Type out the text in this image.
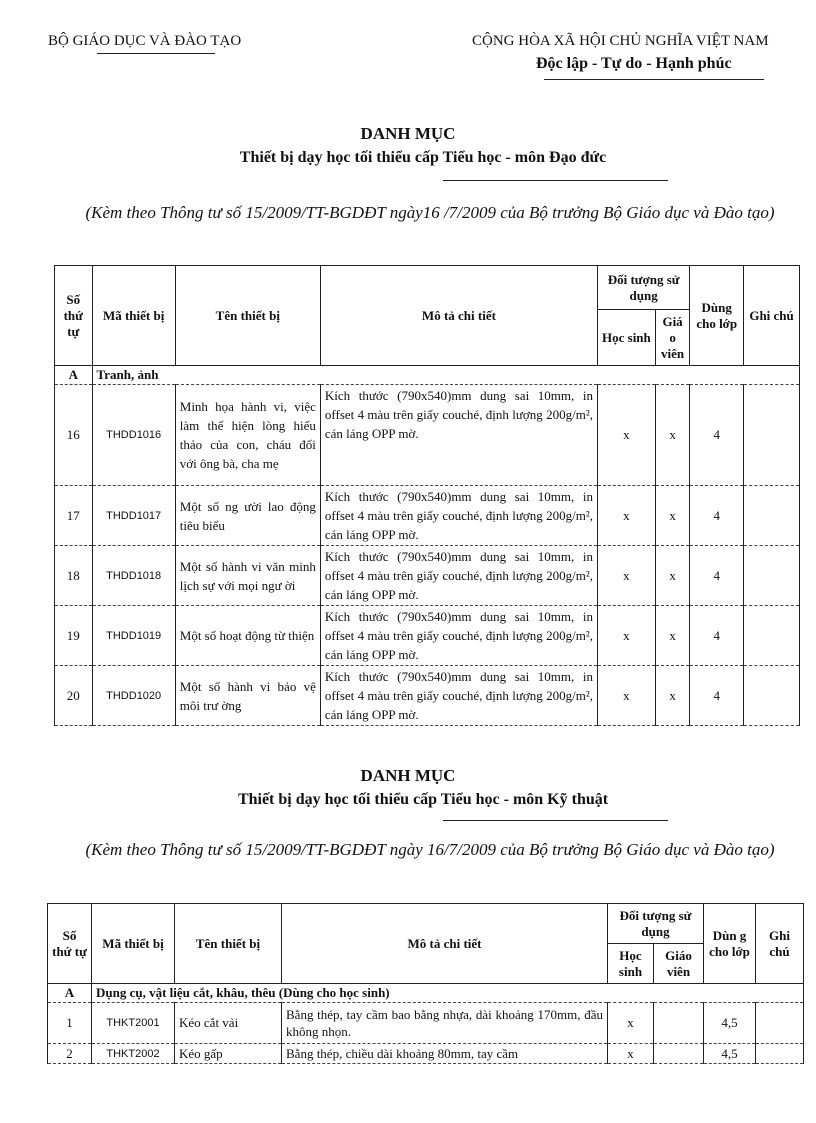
BỘ GIÁO DỤC VÀ ĐÀO TẠO	CỘNG HÒA XÃ HỘI CHỦ NGHĨA VIỆT NAM
Độc lập - Tự do - Hạnh phúc
DANH MỤC
Thiết bị dạy học tối thiểu cấp Tiểu học - môn Đạo đức
(Kèm theo Thông tư số 15/2009/TT-BGDĐT ngày16 /7/2009 của Bộ trưởng Bộ Giáo dục và Đào tạo)
Số thứ tự	Mã thiết bị	Tên thiết bị	Mô tả chi tiết	Đối tượng sử dụng		Dùng cho lớp	Ghi chú
				Học sinh	Giá o viên		
A	Tranh, ảnh						
16	THDD1016	Minh họa hành vi, việc làm thể hiện lòng hiếu thảo của con, cháu đối với ông bà, cha mẹ	Kích thước (790x540)mm dung sai 10mm, in offset 4 màu trên giấy couché, định lượng 200g/m², cán láng OPP mờ.	x	x	4	
17	THDD1017	Một số ng ười lao động tiêu biểu	Kích thước (790x540)mm dung sai 10mm, in offset 4 màu trên giấy couché, định lượng 200g/m², cán láng OPP mờ.	x	x	4	
18	THDD1018	Một số hành vi văn minh lịch sự với mọi ngư ời	Kích thước (790x540)mm dung sai 10mm, in offset 4 màu trên giấy couché, định lượng 200g/m², cán láng OPP mờ.	x	x	4	
19	THDD1019	Một số hoạt động từ thiện	Kích thước (790x540)mm dung sai 10mm, in offset 4 màu trên giấy couché, định lượng 200g/m², cán láng OPP mờ.	x	x	4	
20	THDD1020	Một số hành vi bảo vệ môi trư ờng	Kích thước (790x540)mm dung sai 10mm, in offset 4 màu trên giấy couché, định lượng 200g/m², cán láng OPP mờ.	x	x	4	
DANH MỤC
Thiết bị dạy học tối thiểu cấp Tiểu học - môn Kỹ thuật
(Kèm theo Thông tư số 15/2009/TT-BGDĐT ngày 16/7/2009 của Bộ trưởng Bộ Giáo dục và Đào tạo)
Số thứ tự	Mã thiết bị	Tên thiết bị	Mô tả chi tiết	Đối tượng sử dụng		Dùn g cho lớp	Ghi chú
				Học sinh	Giáo viên		
A	Dụng cụ, vật liệu cắt, khâu, thêu (Dùng cho học sinh)						
1	THKT2001	Kéo cắt vải	Bằng thép, tay cầm bao bằng nhựa, dài khoảng 170mm, đầu không nhọn.	x		4,5	
2	THKT2002	Kéo gấp	Bằng thép, chiều dài khoảng 80mm, tay cầm	x		4,5	
